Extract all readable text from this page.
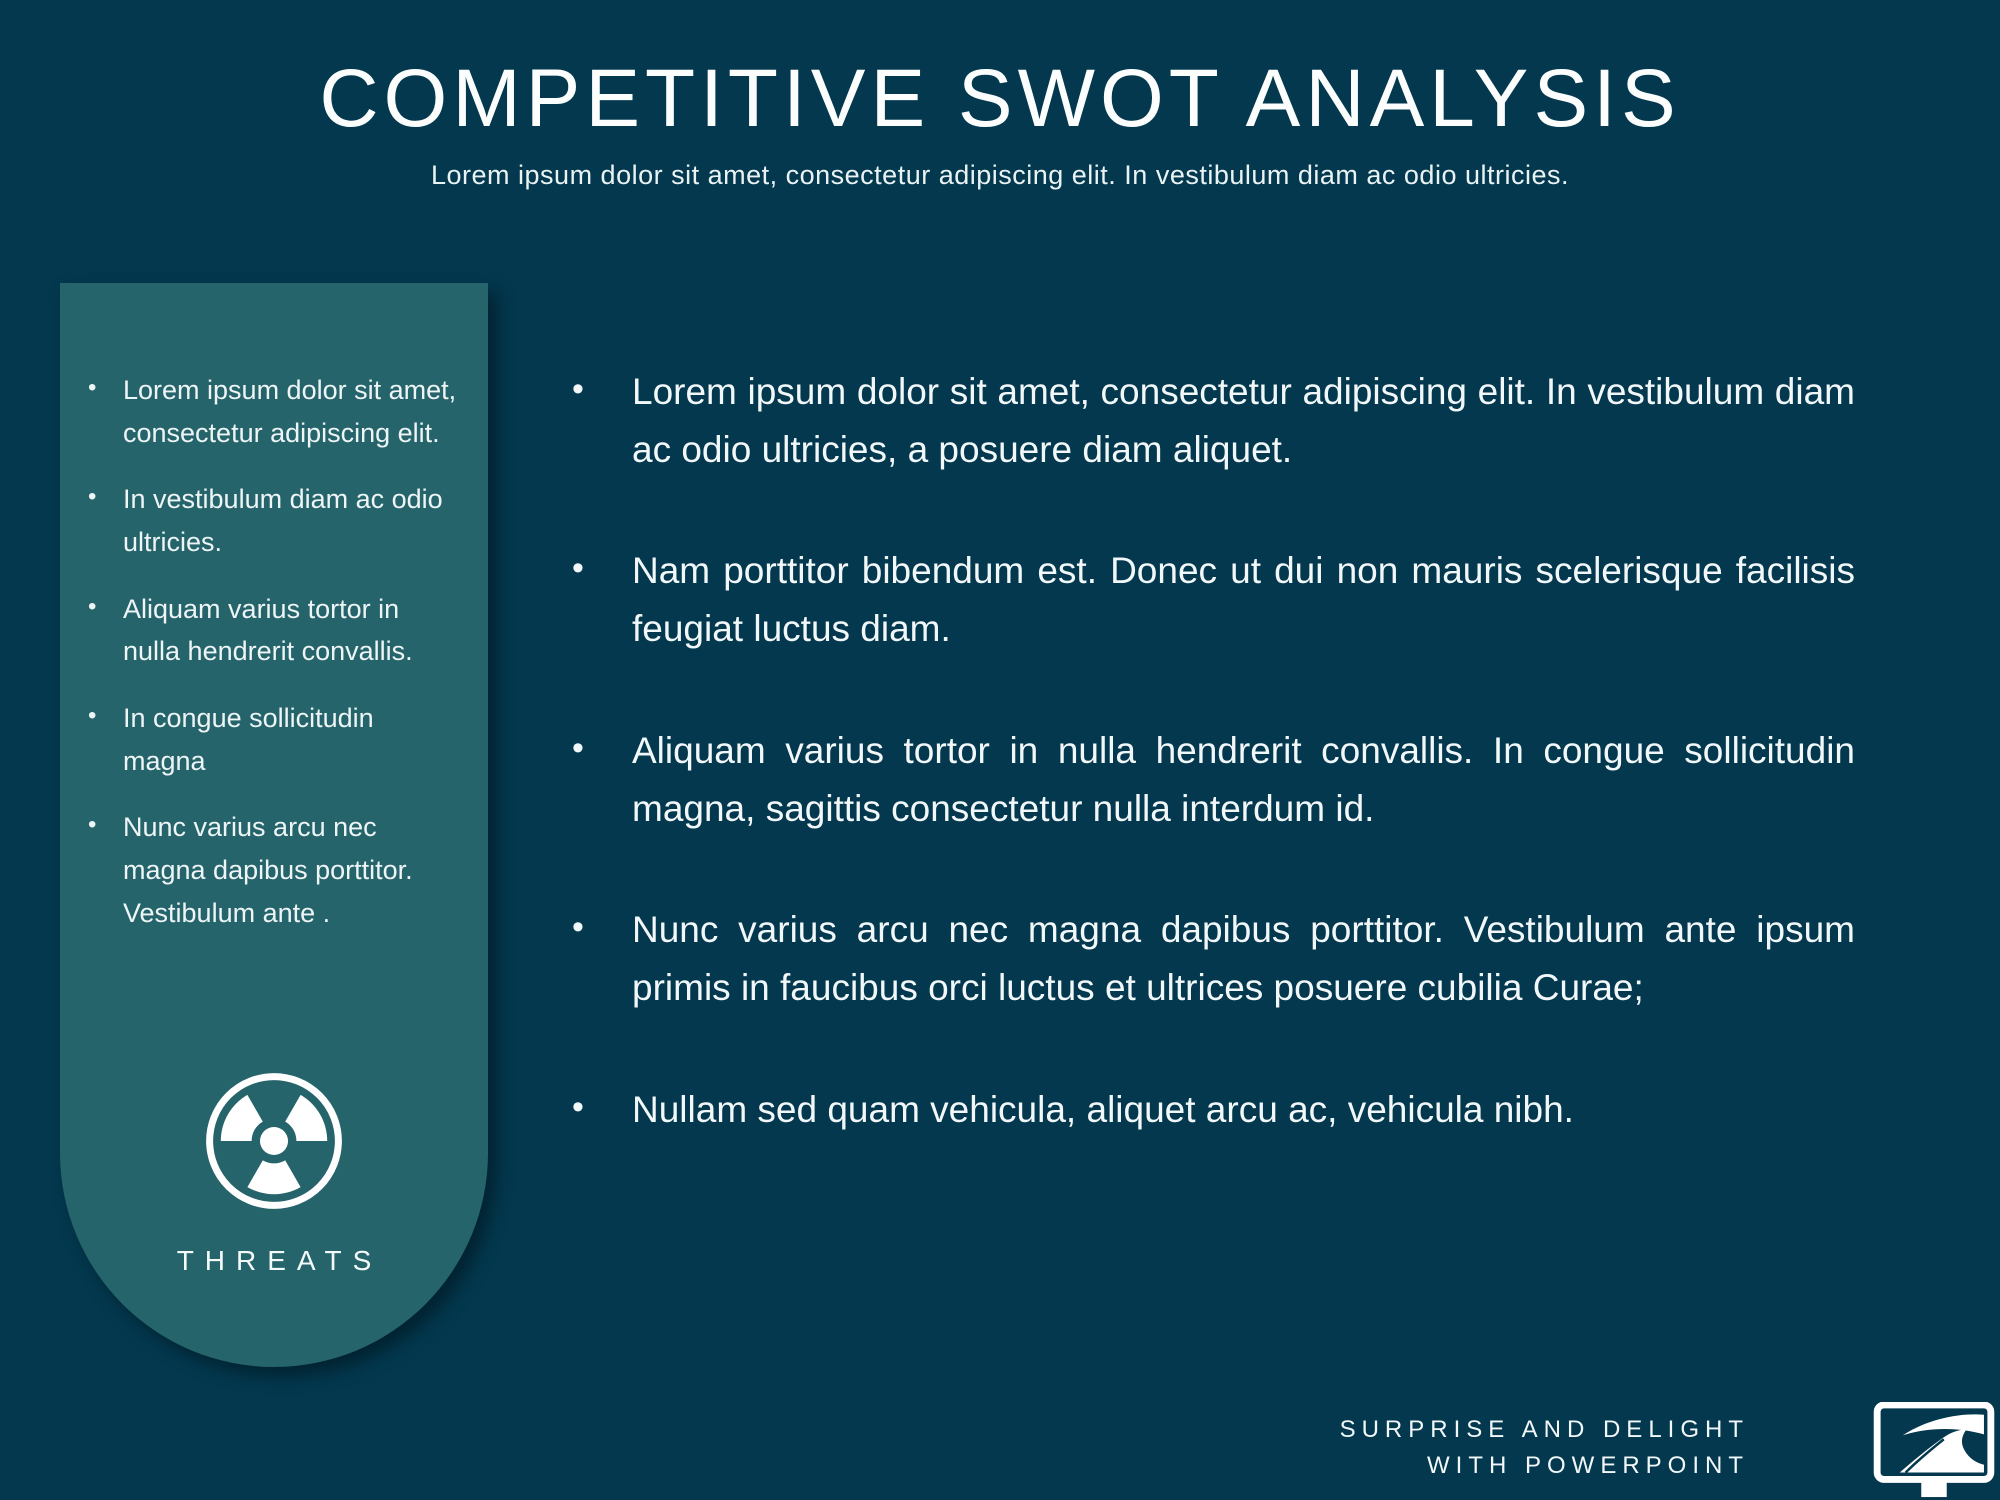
COMPETITIVE SWOT ANALYSIS

Lorem ipsum dolor sit amet, consectetur adipiscing elit. In vestibulum diam ac odio ultricies.

• Lorem ipsum dolor sit amet, consectetur adipiscing elit.
• In vestibulum diam ac odio ultricies.
• Aliquam varius tortor in nulla hendrerit convallis.
• In congue sollicitudin magna
• Nunc varius arcu nec magna dapibus porttitor. Vestibulum ante .
THREATS
•	Lorem ipsum dolor sit amet, consectetur adipiscing elit. In vestibulum diam ac odio ultricies, a posuere diam aliquet.
•	Nam porttitor bibendum est. Donec ut dui non mauris scelerisque facilisis feugiat luctus diam.
•	Aliquam varius tortor in nulla hendrerit convallis. In congue sollicitudin magna, sagittis consectetur nulla interdum id.
•	Nunc varius arcu nec magna dapibus porttitor. Vestibulum ante ipsum primis in faucibus orci luctus et ultrices posuere cubilia Curae;
•	Nullam sed quam vehicula, aliquet arcu ac, vehicula nibh.
SURPRISE AND DELIGHT
WITH POWERPOINT
